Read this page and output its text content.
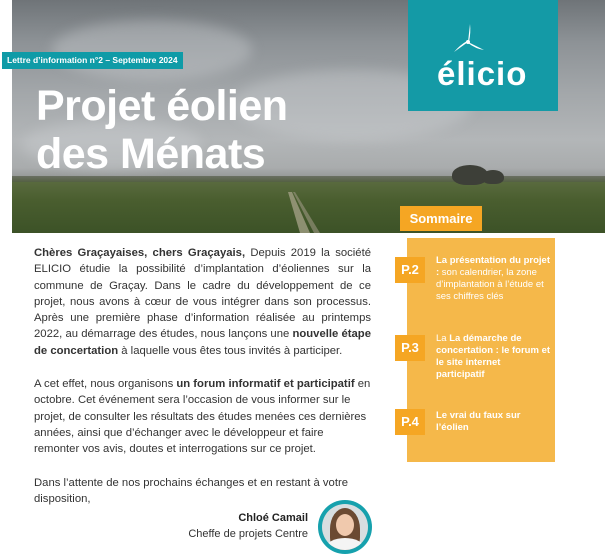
Lettre d’information n°2 – Septembre 2024
Projet éolien
des Ménats
élicio
Sommaire
P.2
La présentation du projet : son calendrier, la zone d’implantation à l’étude et ses chiffres clés
P.3
La La démarche de concertation : le forum et le site internet participatif
P.4	Le vrai du faux sur l’éolien

Chères Graçayaises, chers Graçayais, Depuis 2019 la société ELICIO étudie la possibilité d’implantation d’éoliennes sur la commune de Graçay. Dans le cadre du développement de ce projet, nous avons à cœur de vous intégrer dans son processus. Après une première phase d’information réalisée au printemps 2022, au démarrage des études, nous lançons une nouvelle étape de concertation à laquelle vous êtes tous invités à participer.

A cet effet, nous organisons un forum informatif et participatif en octobre. Cet événement sera l’occasion de vous informer sur le projet, de consulter les résultats des études menées ces dernières années, ainsi que d’échanger avec le développeur et faire remonter vos avis, doutes et interrogations sur ce projet.

Dans l’attente de nos prochains échanges et en restant à votre disposition,

Chloé Camail
Cheffe de projets Centre
